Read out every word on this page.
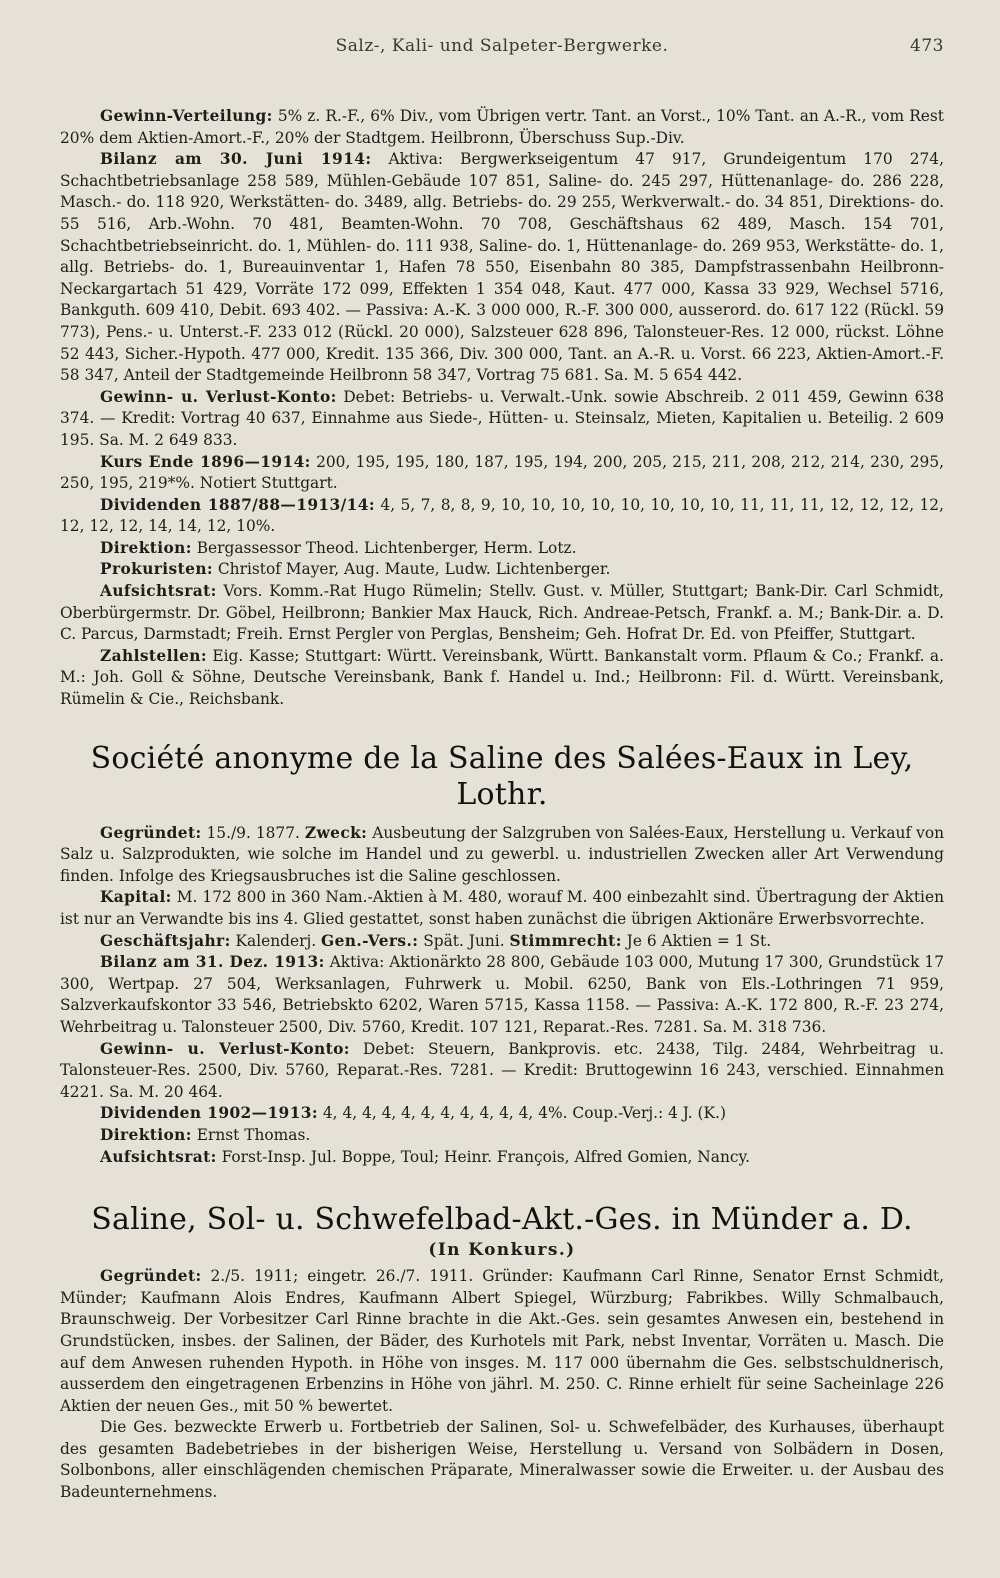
Salz-, Kali- und Salpeter-Bergwerke.	473

Gewinn-Verteilung: 5% z. R.-F., 6% Div., vom Übrigen vertr. Tant. an Vorst., 10% Tant. an A.-R., vom Rest 20% dem Aktien-Amort.-F., 20% der Stadtgem. Heilbronn, Überschuss Sup.-Div.

Bilanz am 30. Juni 1914: Aktiva: Bergwerkseigentum 47 917, Grundeigentum 170 274, Schachtbetriebsanlage 258 589, Mühlen-Gebäude 107 851, Saline- do. 245 297, Hüttenanlage- do. 286 228, Masch.- do. 118 920, Werkstätten- do. 3489, allg. Betriebs- do. 29 255, Werkverwalt.- do. 34 851, Direktions- do. 55 516, Arb.-Wohn. 70 481, Beamten-Wohn. 70 708, Geschäftshaus 62 489, Masch. 154 701, Schachtbetriebseinricht. do. 1, Mühlen- do. 111 938, Saline- do. 1, Hüttenanlage- do. 269 953, Werkstätte- do. 1, allg. Betriebs- do. 1, Bureauinventar 1, Hafen 78 550, Eisenbahn 80 385, Dampfstrassenbahn Heilbronn-Neckargartach 51 429, Vorräte 172 099, Effekten 1 354 048, Kaut. 477 000, Kassa 33 929, Wechsel 5716, Bankguth. 609 410, Debit. 693 402. — Passiva: A.-K. 3 000 000, R.-F. 300 000, ausserord. do. 617 122 (Rückl. 59 773), Pens.- u. Unterst.-F. 233 012 (Rückl. 20 000), Salzsteuer 628 896, Talonsteuer-Res. 12 000, rückst. Löhne 52 443, Sicher.-Hypoth. 477 000, Kredit. 135 366, Div. 300 000, Tant. an A.-R. u. Vorst. 66 223, Aktien-Amort.-F. 58 347, Anteil der Stadtgemeinde Heilbronn 58 347, Vortrag 75 681. Sa. M. 5 654 442.

Gewinn- u. Verlust-Konto: Debet: Betriebs- u. Verwalt.-Unk. sowie Abschreib. 2 011 459, Gewinn 638 374. — Kredit: Vortrag 40 637, Einnahme aus Siede-, Hütten- u. Steinsalz, Mieten, Kapitalien u. Beteilig. 2 609 195. Sa. M. 2 649 833.

Kurs Ende 1896—1914: 200, 195, 195, 180, 187, 195, 194, 200, 205, 215, 211, 208, 212, 214, 230, 295, 250, 195, 219*%. Notiert Stuttgart.

Dividenden 1887/88—1913/14: 4, 5, 7, 8, 8, 9, 10, 10, 10, 10, 10, 10, 10, 10, 11, 11, 11, 12, 12, 12, 12, 12, 12, 12, 14, 14, 12, 10%.

Direktion: Bergassessor Theod. Lichtenberger, Herm. Lotz.

Prokuristen: Christof Mayer, Aug. Maute, Ludw. Lichtenberger.

Aufsichtsrat: Vors. Komm.-Rat Hugo Rümelin; Stellv. Gust. v. Müller, Stuttgart; Bank-Dir. Carl Schmidt, Oberbürgermstr. Dr. Göbel, Heilbronn; Bankier Max Hauck, Rich. Andreae-Petsch, Frankf. a. M.; Bank-Dir. a. D. C. Parcus, Darmstadt; Freih. Ernst Pergler von Perglas, Bensheim; Geh. Hofrat Dr. Ed. von Pfeiffer, Stuttgart.

Zahlstellen: Eig. Kasse; Stuttgart: Württ. Vereinsbank, Württ. Bankanstalt vorm. Pflaum & Co.; Frankf. a. M.: Joh. Goll & Söhne, Deutsche Vereinsbank, Bank f. Handel u. Ind.; Heilbronn: Fil. d. Württ. Vereinsbank, Rümelin & Cie., Reichsbank.

Société anonyme de la Saline des Salées-Eaux in Ley, Lothr.

Gegründet: 15./9. 1877. Zweck: Ausbeutung der Salzgruben von Salées-Eaux, Herstellung u. Verkauf von Salz u. Salzprodukten, wie solche im Handel und zu gewerbl. u. industriellen Zwecken aller Art Verwendung finden. Infolge des Kriegsausbruches ist die Saline geschlossen.

Kapital: M. 172 800 in 360 Nam.-Aktien à M. 480, worauf M. 400 einbezahlt sind. Übertragung der Aktien ist nur an Verwandte bis ins 4. Glied gestattet, sonst haben zunächst die übrigen Aktionäre Erwerbsvorrechte.

Geschäftsjahr: Kalenderj. Gen.-Vers.: Spät. Juni. Stimmrecht: Je 6 Aktien = 1 St.

Bilanz am 31. Dez. 1913: Aktiva: Aktionärkto 28 800, Gebäude 103 000, Mutung 17 300, Grundstück 17 300, Wertpap. 27 504, Werksanlagen, Fuhrwerk u. Mobil. 6250, Bank von Els.-Lothringen 71 959, Salzverkaufskontor 33 546, Betriebskto 6202, Waren 5715, Kassa 1158. — Passiva: A.-K. 172 800, R.-F. 23 274, Wehrbeitrag u. Talonsteuer 2500, Div. 5760, Kredit. 107 121, Reparat.-Res. 7281. Sa. M. 318 736.

Gewinn- u. Verlust-Konto: Debet: Steuern, Bankprovis. etc. 2438, Tilg. 2484, Wehrbeitrag u. Talonsteuer-Res. 2500, Div. 5760, Reparat.-Res. 7281. — Kredit: Bruttogewinn 16 243, verschied. Einnahmen 4221. Sa. M. 20 464.

Dividenden 1902—1913: 4, 4, 4, 4, 4, 4, 4, 4, 4, 4, 4, 4%. Coup.-Verj.: 4 J. (K.)

Direktion: Ernst Thomas.

Aufsichtsrat: Forst-Insp. Jul. Boppe, Toul; Heinr. François, Alfred Gomien, Nancy.

Saline, Sol- u. Schwefelbad-Akt.-Ges. in Münder a. D.
(In Konkurs.)

Gegründet: 2./5. 1911; eingetr. 26./7. 1911. Gründer: Kaufmann Carl Rinne, Senator Ernst Schmidt, Münder; Kaufmann Alois Endres, Kaufmann Albert Spiegel, Würzburg; Fabrikbes. Willy Schmalbauch, Braunschweig. Der Vorbesitzer Carl Rinne brachte in die Akt.-Ges. sein gesamtes Anwesen ein, bestehend in Grundstücken, insbes. der Salinen, der Bäder, des Kurhotels mit Park, nebst Inventar, Vorräten u. Masch. Die auf dem Anwesen ruhenden Hypoth. in Höhe von insges. M. 117 000 übernahm die Ges. selbstschuldnerisch, ausserdem den eingetragenen Erbenzins in Höhe von jährl. M. 250. C. Rinne erhielt für seine Sacheinlage 226 Aktien der neuen Ges., mit 50 % bewertet.

Die Ges. bezweckte Erwerb u. Fortbetrieb der Salinen, Sol- u. Schwefelbäder, des Kurhauses, überhaupt des gesamten Badebetriebes in der bisherigen Weise, Herstellung u. Versand von Solbädern in Dosen, Solbonbons, aller einschlägenden chemischen Präparate, Mineralwasser sowie die Erweiter. u. der Ausbau des Badeunternehmens.
